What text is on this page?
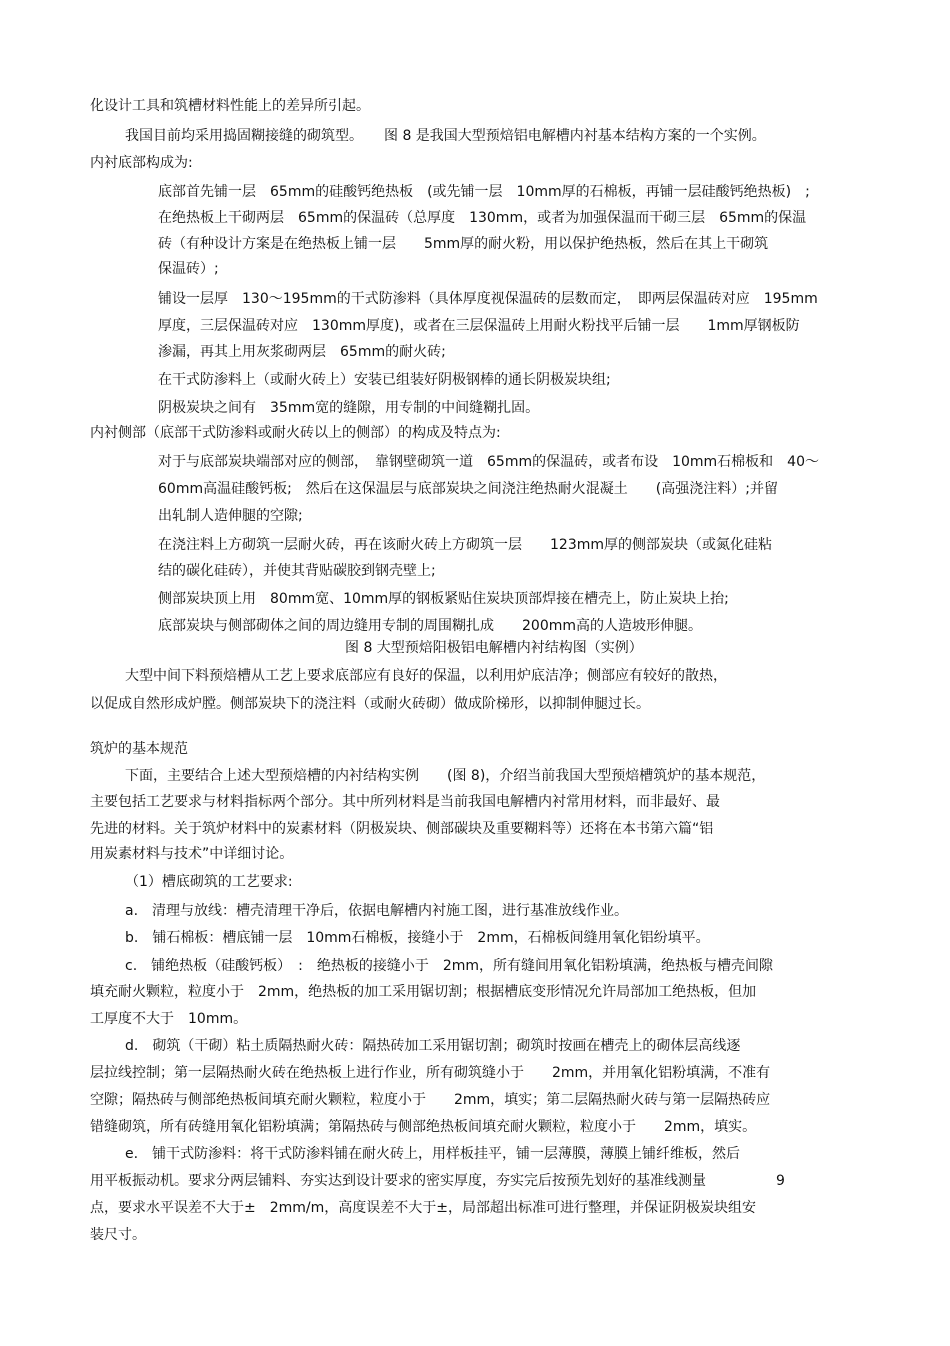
化设计工具和筑槽材料性能上的差异所引起。

我国目前均采用捣固糊接缝的砌筑型。　　图 8 是我国大型预焙铝电解槽内衬基本结构方案的一个实例。

内衬底部构成为:

底部首先铺一层　65mm的硅酸钙绝热板　(或先铺一层　10mm厚的石棉板，再铺一层硅酸钙绝热板)　;

在绝热板上干砌两层　65mm的保温砖（总厚度　130mm，或者为加强保温而干砌三层　65mm的保温

砖（有种设计方案是在绝热板上铺一层　　5mm厚的耐火粉，用以保护绝热板，然后在其上干砌筑

保温砖）;

铺设一层厚　130～195mm的干式防渗料（具体厚度视保温砖的层数而定，　即两层保温砖对应　195mm

厚度，三层保温砖对应　130mm厚度)，或者在三层保温砖上用耐火粉找平后铺一层　　1mm厚钢板防

渗漏，再其上用灰浆砌两层　65mm的耐火砖;

在干式防渗料上（或耐火砖上）安装已组装好阴极钢棒的通长阴极炭块组;

阴极炭块之间有　35mm宽的缝隙，用专制的中间缝糊扎固。

内衬侧部（底部干式防渗料或耐火砖以上的侧部）的构成及特点为:

对于与底部炭块端部对应的侧部，　靠钢壁砌筑一道　65mm的保温砖，或者布设　10mm石棉板和　40～

60mm高温硅酸钙板;　然后在这保温层与底部炭块之间浇注绝热耐火混凝土　　(高强浇注料）;并留

出轧制人造伸腿的空隙;

在浇注料上方砌筑一层耐火砖，再在该耐火砖上方砌筑一层　　123mm厚的侧部炭块（或氮化硅粘

结的碳化硅砖），并使其背贴碳胶到钢壳壁上;

侧部炭块顶上用　80mm宽、10mm厚的钢板紧贴住炭块顶部焊接在槽壳上，防止炭块上抬;

底部炭块与侧部砌体之间的周边缝用专制的周围糊扎成　　200mm高的人造坡形伸腿。

图 8 大型预焙阳极铝电解槽内衬结构图（实例）

大型中间下料预焙槽从工艺上要求底部应有良好的保温，以利用炉底洁净；侧部应有较好的散热，

以促成自然形成炉膛。侧部炭块下的浇注料（或耐火砖砌）做成阶梯形，以抑制伸腿过长。

筑炉的基本规范

下面，主要结合上述大型预焙槽的内衬结构实例　　(图 8)，介绍当前我国大型预焙槽筑炉的基本规范，

主要包括工艺要求与材料指标两个部分。其中所列材料是当前我国电解槽内衬常用材料，而非最好、最

先进的材料。关于筑炉材料中的炭素材料（阴极炭块、侧部碳块及重要糊料等）还将在本书第六篇“铝

用炭素材料与技术”中详细讨论。

（1）槽底砌筑的工艺要求:

a.　清理与放线：槽壳清理干净后，依据电解槽内衬施工图，进行基准放线作业。

b.　铺石棉板：槽底铺一层　10mm石棉板，接缝小于　2mm，石棉板间缝用氧化铝纷填平。

c.　铺绝热板（硅酸钙板）　:　绝热板的接缝小于　2mm，所有缝间用氧化铝粉填满，绝热板与槽壳间隙

填充耐火颗粒，粒度小于　2mm，绝热板的加工采用锯切割；根据槽底变形情况允许局部加工绝热板，但加

工厚度不大于　10mm。

d.　砌筑（干砌）粘土质隔热耐火砖：隔热砖加工采用锯切割；砌筑时按画在槽壳上的砌体层高线逐

层拉线控制；第一层隔热耐火砖在绝热板上进行作业，所有砌筑缝小于　　2mm，并用氧化铝粉填满，不准有

空隙；隔热砖与侧部绝热板间填充耐火颗粒，粒度小于　　2mm，填实；第二层隔热耐火砖与第一层隔热砖应

错缝砌筑，所有砖缝用氧化铝粉填满；第隔热砖与侧部绝热板间填充耐火颗粒，粒度小于　　2mm，填实。

e.　铺干式防渗料：将干式防渗料铺在耐火砖上，用样板挂平，铺一层薄膜，薄膜上铺纤维板，然后

用平板振动机。要求分两层铺料、夯实达到设计要求的密实厚度，夯实完后按预先划好的基准线测量　　　　　9

点，要求水平误差不大于±　2mm/m，高度误差不大于±，局部超出标准可进行整理，并保证阴极炭块组安

装尺寸。
